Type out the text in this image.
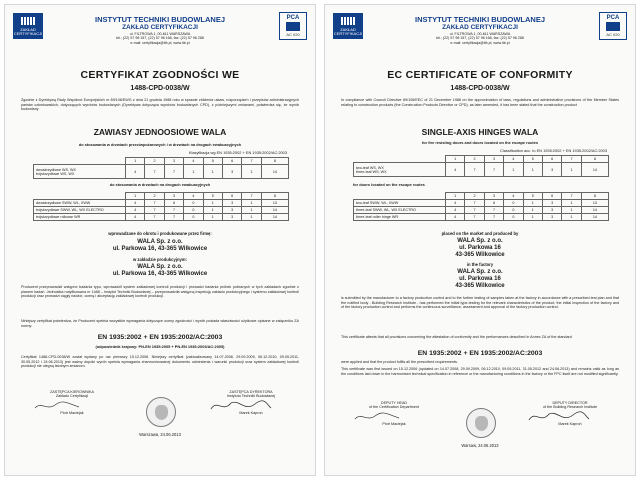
ZAKŁAD CERTYFIKACJI
INSTYTUT TECHNIKI BUDOWLANEJ
ZAKŁAD CERTYFIKACJI
ul. FILTROWA 1, 00-611 WARSZAWA
tel.: (22) 57 96 157, (22) 57 96 168, fax: (22) 57 96 288
e-mail: certyfikacja@itb.pl, www.itb.pl
PCA
AC 020
CERTYFIKAT ZGODNOŚCI WE
1488-CPD-0038/W
Zgodnie z Dyrektywą Rady Wspólnot Europejskich nr 89/106/EWG z dnia 21 grudnia 1988 roku w sprawie zbliżenia ustaw, rozporządzeń i przepisów administracyjnych państw członkowskich, dotyczących wyrobów budowlanych (Dyrektywa dotycząca wyrobów budowlanych CPD), z późniejszymi zmianami, potwierdza się, że wyrób budowlany
ZAWIASY JEDNOOSIOWE WALA
do stosowania w drzwiach przeciwpożarowych i w drzwiach na drogach ewakuacyjnych
Klasyfikacja wg EN 1935:2002 + EN 1935:2002/AC:2003
	1	2	3	4	5	6	7	8
dwuskrzydłowe WS, WX
trójskrzydłowe WS, WX	4	7	7	1	1	3	1	14
do stosowania w drzwiach na drogach ewakuacyjnych
	1	2	3	4	5	6	7	8
dwuskrzydłowe SWW, WL, XWW	4	7	6	0	1	3	1	13
trójskrzydłowe SWW, WL, WX ELECTRO	4	7	7	0	1	3	1	14
trójskrzydłowe rolkowe WR	4	7	7	0	1	3	1	14
wprowadzane do obrotu i produkowane przez firmę:
WALA Sp. z o.o.
ul. Parkowa 16, 43-365 Wilkowice
w zakładzie produkcyjnym:
WALA Sp. z o.o.
ul. Parkowa 16, 43-365 Wilkowice
Producent przeprowadził wstępne badania typu, wprowadził system zakładowej kontroli produkcji i prowadzi badania próbek pobranych w tych zakładach zgodnie z planem badań. Jednostka notyfikowana nr 1488 – Instytut Techniki Budowlanej – przeprowadziła wstępną inspekcję zakładu produkcyjnego i systemu zakładowej kontroli produkcji oraz prowadzi ciągły nadzór, ocenę i akceptację zakładowej kontroli produkcji.
Niniejszy certyfikat potwierdza, że Producent spełnia wszystkie wymagania dotyczące oceny zgodności i wyrób posiada właściwości użytkowe opisane w załączniku ZA normy:
EN 1935:2002 + EN 1935:2002/AC:2003
(odpowiednik krajowy: PN-EN 1935:2005 + PN-EN 1935:2003/AC:2005)
Certyfikat 1488-CPD-0038/W został wydany po raz pierwszy 15.12.2006. Niniejszy certyfikat (zaktualizowany 14.07.2008, 29.09.2009, 06.12.2010, 09.05.2011, 30.05.2012 i 24.06.2013) jest ważny dopóki wyrób spełnia wymagania zharmonizowanej dokumentu odniesienia i warunki produkcji oraz system zakładowej kontroli produkcji nie ulegną istotnym zmianom.
ZASTĘPCA KIEROWNIKA
Zakładu Certyfikacji
Piotr Maciejak
ZASTĘPCA DYREKTORA
Instytutu Techniki Budowlanej
Marek Kaproń
Warszawa, 24.06.2013
ZAKŁAD CERTYFIKACJI
INSTYTUT TECHNIKI BUDOWLANEJ
ZAKŁAD CERTYFIKACJI
ul. FILTROWA 1, 00-611 WARSZAWA
tel.: (22) 57 96 157, (22) 57 96 168, fax: (22) 57 96 288
e-mail: certyfikacja@itb.pl, www.itb.pl
PCA
AC 020
EC CERTIFICATE OF CONFORMITY
1488-CPD-0038/W
In compliance with Council Directive 89/106/EEC of 21 December 1988 on the approximation of laws, regulations and administrative provisions of the Member States relating to construction products (the Construction Products Directive or CPD), as later amended, it has been stated that the construction product
SINGLE-AXIS HINGES WALA
for fire resisting doors and doors located on the escape routes
Classification acc. to EN 1935:2002 + EN 1935:2002/AC:2003
	1	2	3	4	5	6	7	8
two-leaf WS, WX
three-leaf WS, WX	4	7	7	1	1	3	1	14
for doors located on the escape routes
	1	2	3	4	5	6	7	8
two-leaf SWW, WL, XWW	4	7	6	0	1	3	1	13
three-leaf SWW, WL, WX ELECTRO	4	7	7	0	1	3	1	14
three-leaf roller hinge WR	4	7	7	0	1	3	1	14
placed on the market and produced by
WALA Sp. z o.o.
ul. Parkowa 16
43-365 Wilkowice
in the factory
WALA Sp. z o.o.
ul. Parkowa 16
43-365 Wilkowice
is submitted by the manufacturer to a factory production control and to the further testing of samples taken at the factory in accordance with a prescribed test plan and that the notified body - Building Research Institute - has performed the initial type-testing for the relevant characteristics of the product, the initial inspection of the factory and of the factory production control and performs the continuous surveillance, assessment and approval of the factory production control.
This certificate attests that all provisions concerning the attestation of conformity and the performances described in Annex ZA of the standard
EN 1935:2002 + EN 1935:2002/AC:2003
were applied and that the product fulfils all the prescribed requirements.
This certificate was first issued on 15.12.2006 (updated on 14.07.2008, 29.09.2009, 06.12.2010, 09.05.2011, 31.05.2012 and 24.06.2013) and remains valid as long as the conditions laid down in the harmonised technical specification in reference or the manufacturing conditions in the factory or the FPC itself are not modified significantly.
DEPUTY HEAD
of the Certification Department
Piotr Maciejak
DEPUTY DIRECTOR
of the Building Research Institute
Marek Kaproń
Warsaw, 24.06.2013
